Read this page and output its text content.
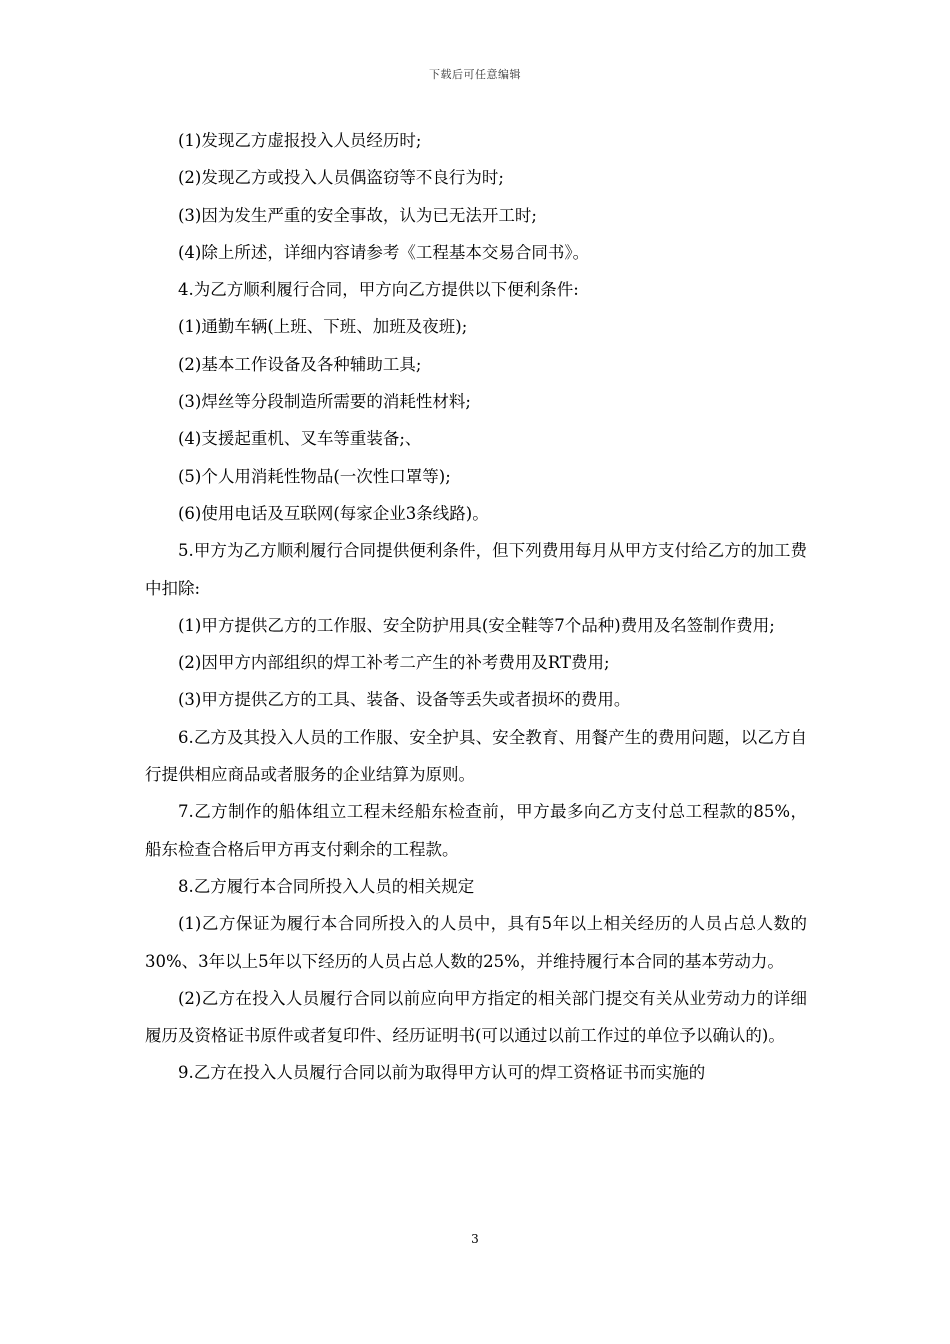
下载后可任意编辑

(1)发现乙方虚报投入人员经历时;

(2)发现乙方或投入人员偶盗窃等不良行为时;

(3)因为发生严重的安全事故，认为已无法开工时;

(4)除上所述，详细内容请参考《工程基本交易合同书》。

4.为乙方顺利履行合同，甲方向乙方提供以下便利条件:

(1)通勤车辆(上班、下班、加班及夜班);

(2)基本工作设备及各种辅助工具;

(3)焊丝等分段制造所需要的消耗性材料;

(4)支援起重机、叉车等重装备;、

(5)个人用消耗性物品(一次性口罩等);

(6)使用电话及互联网(每家企业3条线路)。

5.甲方为乙方顺利履行合同提供便利条件，但下列费用每月从甲方支付给乙方的加工费中扣除:

(1)甲方提供乙方的工作服、安全防护用具(安全鞋等7个品种)费用及名签制作费用;

(2)因甲方内部组织的焊工补考二产生的补考费用及RT费用;

(3)甲方提供乙方的工具、装备、设备等丢失或者损坏的费用。

6.乙方及其投入人员的工作服、安全护具、安全教育、用餐产生的费用问题，以乙方自行提供相应商品或者服务的企业结算为原则。

7.乙方制作的船体组立工程未经船东检查前，甲方最多向乙方支付总工程款的85%，船东检查合格后甲方再支付剩余的工程款。

8.乙方履行本合同所投入人员的相关规定

(1)乙方保证为履行本合同所投入的人员中，具有5年以上相关经历的人员占总人数的30%、3年以上5年以下经历的人员占总人数的25%，并维持履行本合同的基本劳动力。

(2)乙方在投入人员履行合同以前应向甲方指定的相关部门提交有关从业劳动力的详细履历及资格证书原件或者复印件、经历证明书(可以通过以前工作过的单位予以确认的)。

9.乙方在投入人员履行合同以前为取得甲方认可的焊工资格证书而实施的

3
